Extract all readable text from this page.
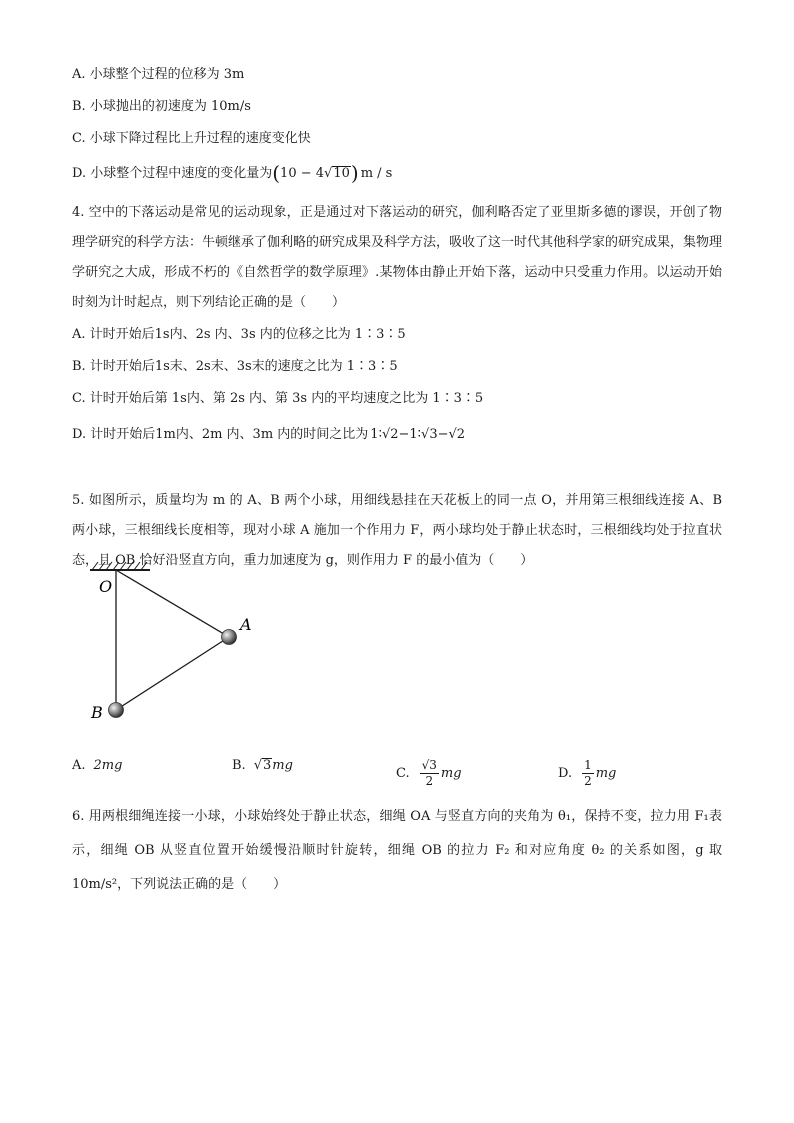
A. 小球整个过程的位移为 3m
B. 小球抛出的初速度为 10m/s
C. 小球下降过程比上升过程的速度变化快
D. 小球整个过程中速度的变化量为(10 − 4√10) m / s
4. 空中的下落运动是常见的运动现象，正是通过对下落运动的研究，伽利略否定了亚里斯多德的谬误，开创了物理学研究的科学方法：牛顿继承了伽利略的研究成果及科学方法，吸收了这一时代其他科学家的研究成果，集物理学研究之大成，形成不朽的《自然哲学的数学原理》.某物体由静止开始下落，运动中只受重力作用。以运动开始时刻为计时起点，则下列结论正确的是（　　）
A. 计时开始后1s内、2s 内、3s 内的位移之比为 1∶3∶5
B. 计时开始后1s末、2s末、3s末的速度之比为 1∶3∶5
C. 计时开始后第 1s内、第 2s 内、第 3s 内的平均速度之比为 1∶3∶5
D. 计时开始后1m内、2m 内、3m 内的时间之比为 1∶√2−1∶√3−√2
5. 如图所示，质量均为 m 的 A、B 两个小球，用细线悬挂在天花板上的同一点 O，并用第三根细线连接 A、B 两小球，三根细线长度相等，现对小球 A 施加一个作用力 F，两小球均处于静止状态时，三根细线均处于拉直状态，且 OB 恰好沿竖直方向，重力加速度为 g，则作用力 F 的最小值为（　　）
O
A
B
A. 2mg	B. √3mg
C. $\frac{√3}{2}$ mg	D. $\frac{1}{2}$ mg
6. 用两根细绳连接一小球，小球始终处于静止状态，细绳 OA 与竖直方向的夹角为 θ₁，保持不变，拉力用 F₁表示，细绳 OB 从竖直位置开始缓慢沿顺时针旋转，细绳 OB 的拉力 F₂ 和对应角度 θ₂ 的关系如图，g 取 10m/s²，下列说法正确的是（　　）
